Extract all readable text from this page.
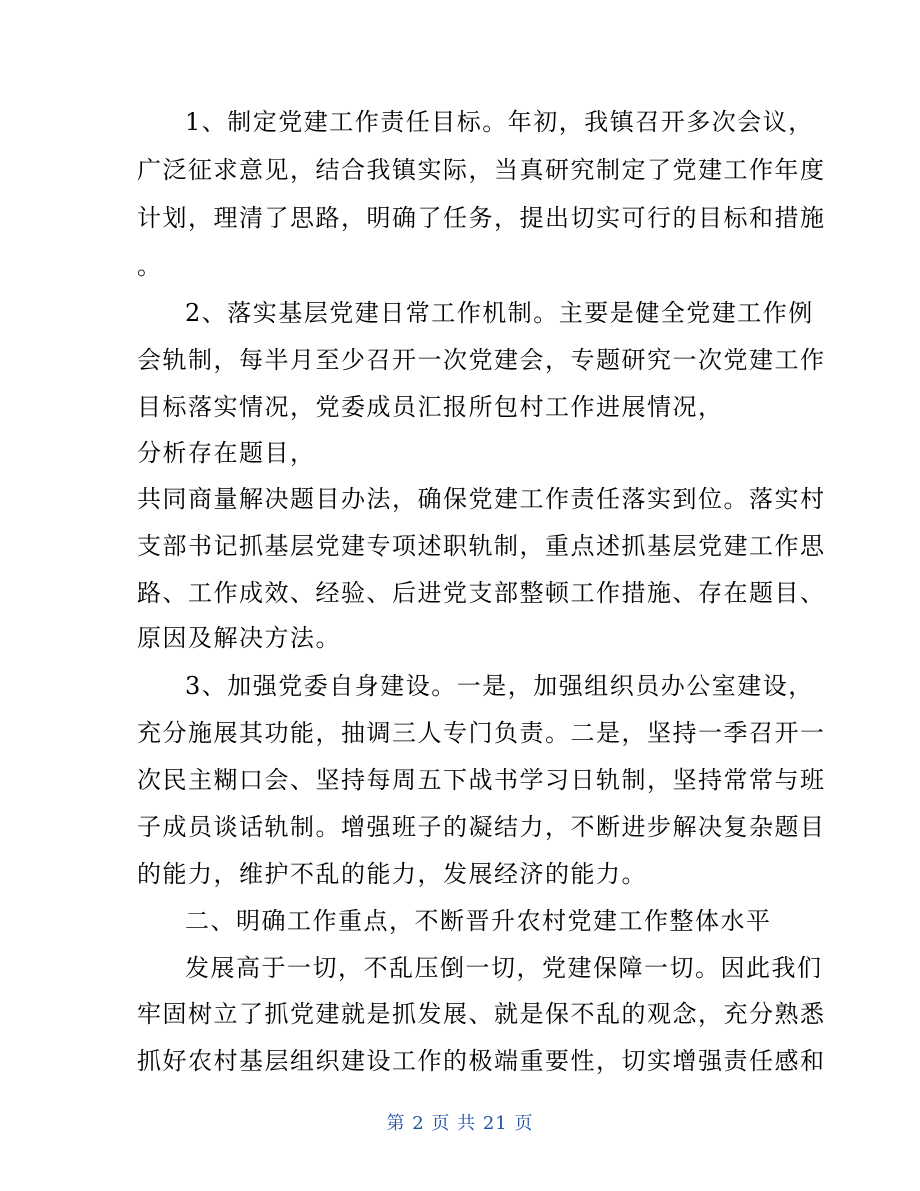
1、制定党建工作责任目标。年初，我镇召开多次会议，
广泛征求意见，结合我镇实际，当真研究制定了党建工作年度
计划，理清了思路，明确了任务，提出切实可行的目标和措施
。
2、落实基层党建日常工作机制。主要是健全党建工作例
会轨制，每半月至少召开一次党建会，专题研究一次党建工作
目标落实情况，党委成员汇报所包村工作进展情况，
分析存在题目，
共同商量解决题目办法，确保党建工作责任落实到位。落实村
支部书记抓基层党建专项述职轨制，重点述抓基层党建工作思
路、工作成效、经验、后进党支部整顿工作措施、存在题目、
原因及解决方法。
3、加强党委自身建设。一是，加强组织员办公室建设，
充分施展其功能，抽调三人专门负责。二是，坚持一季召开一
次民主糊口会、坚持每周五下战书学习日轨制，坚持常常与班
子成员谈话轨制。增强班子的凝结力，不断进步解决复杂题目
的能力，维护不乱的能力，发展经济的能力。
二、明确工作重点，不断晋升农村党建工作整体水平
发展高于一切，不乱压倒一切，党建保障一切。因此我们
牢固树立了抓党建就是抓发展、就是保不乱的观念，充分熟悉
抓好农村基层组织建设工作的极端重要性，切实增强责任感和
第 2 页 共 21 页
